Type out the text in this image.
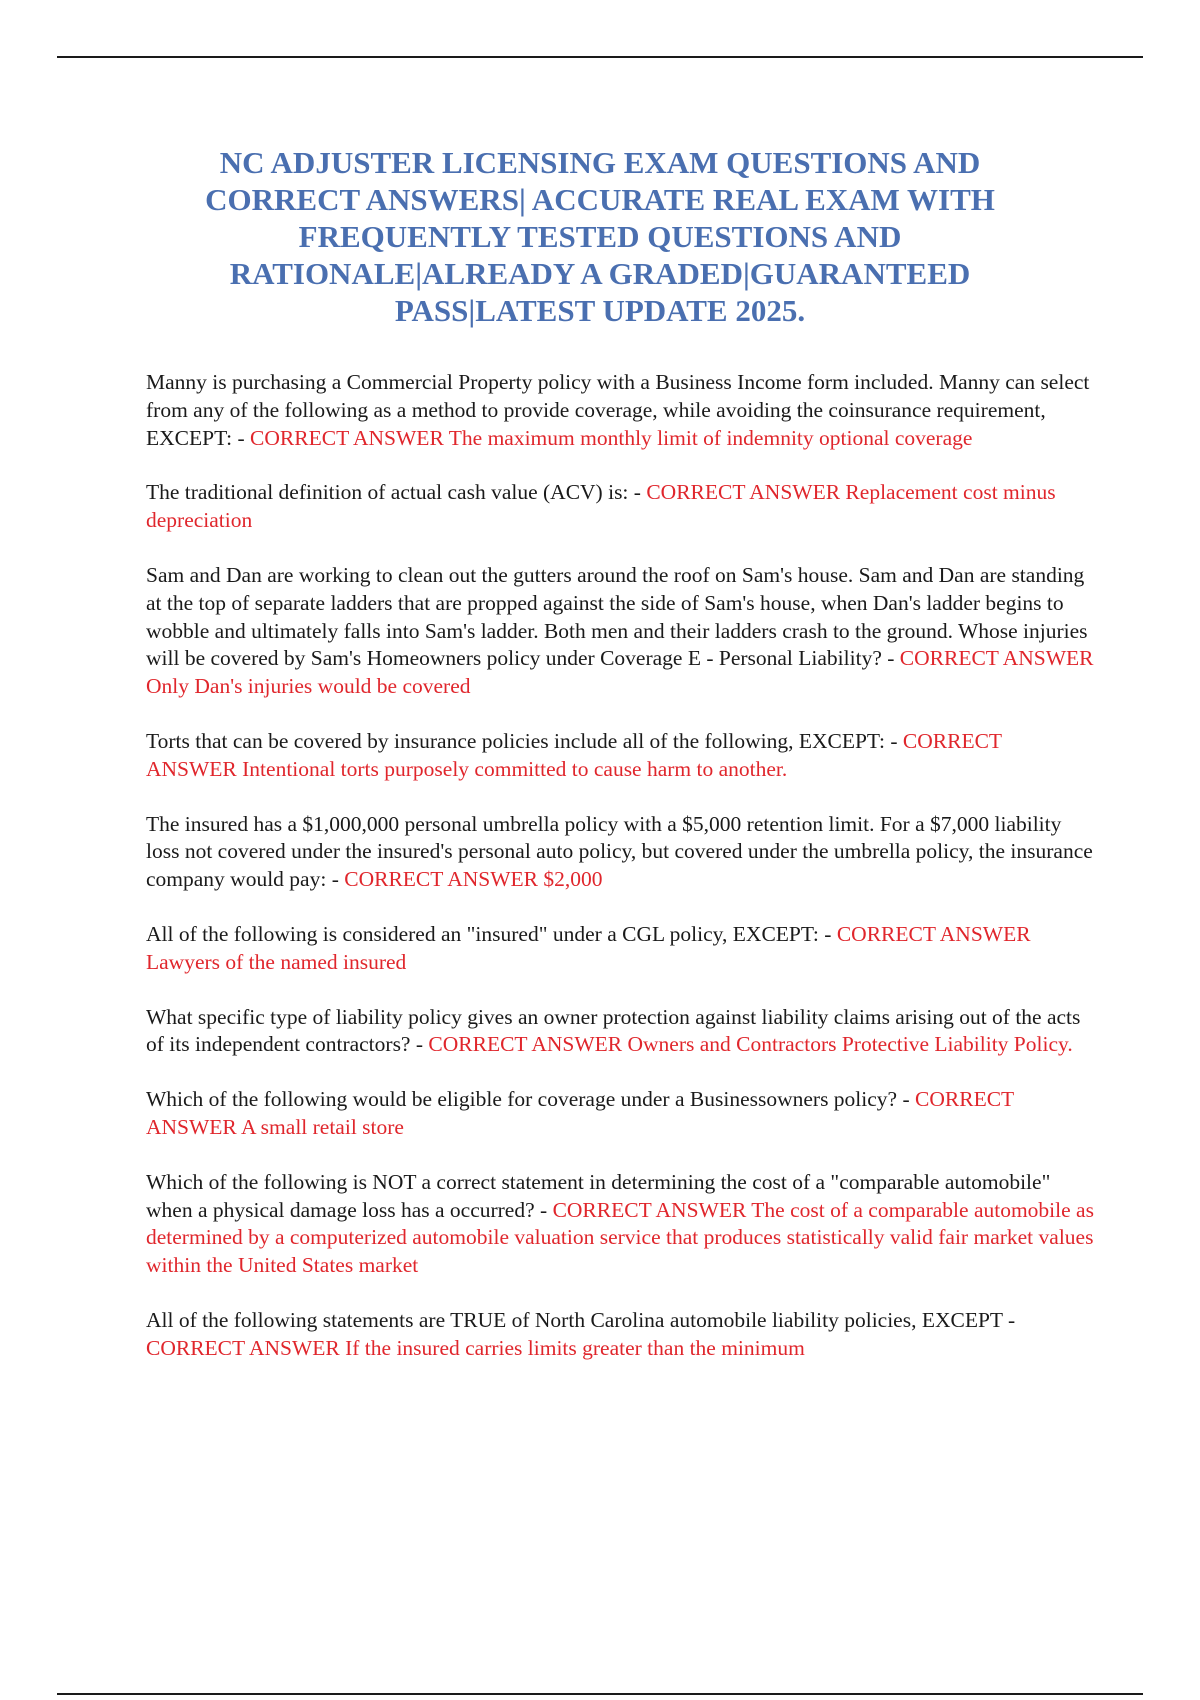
NC ADJUSTER LICENSING EXAM QUESTIONS AND CORRECT ANSWERS| ACCURATE REAL EXAM WITH FREQUENTLY TESTED QUESTIONS AND RATIONALE|ALREADY A GRADED|GUARANTEED PASS|LATEST UPDATE 2025.

Manny is purchasing a Commercial Property policy with a Business Income form included. Manny can select from any of the following as a method to provide coverage, while avoiding the coinsurance requirement, EXCEPT: - CORRECT ANSWER The maximum monthly limit of indemnity optional coverage

The traditional definition of actual cash value (ACV) is: - CORRECT ANSWER Replacement cost minus depreciation

Sam and Dan are working to clean out the gutters around the roof on Sam's house. Sam and Dan are standing at the top of separate ladders that are propped against the side of Sam's house, when Dan's ladder begins to wobble and ultimately falls into Sam's ladder. Both men and their ladders crash to the ground. Whose injuries will be covered by Sam's Homeowners policy under Coverage E - Personal Liability? - CORRECT ANSWER Only Dan's injuries would be covered

Torts that can be covered by insurance policies include all of the following, EXCEPT: - CORRECT ANSWER Intentional torts purposely committed to cause harm to another.

The insured has a $1,000,000 personal umbrella policy with a $5,000 retention limit. For a $7,000 liability loss not covered under the insured's personal auto policy, but covered under the umbrella policy, the insurance company would pay: - CORRECT ANSWER $2,000

All of the following is considered an "insured" under a CGL policy, EXCEPT: - CORRECT ANSWER Lawyers of the named insured

What specific type of liability policy gives an owner protection against liability claims arising out of the acts of its independent contractors? - CORRECT ANSWER Owners and Contractors Protective Liability Policy.

Which of the following would be eligible for coverage under a Businessowners policy? - CORRECT ANSWER A small retail store

Which of the following is NOT a correct statement in determining the cost of a "comparable automobile" when a physical damage loss has a occurred? - CORRECT ANSWER The cost of a comparable automobile as determined by a computerized automobile valuation service that produces statistically valid fair market values within the United States market

All of the following statements are TRUE of North Carolina automobile liability policies, EXCEPT - CORRECT ANSWER If the insured carries limits greater than the minimum
